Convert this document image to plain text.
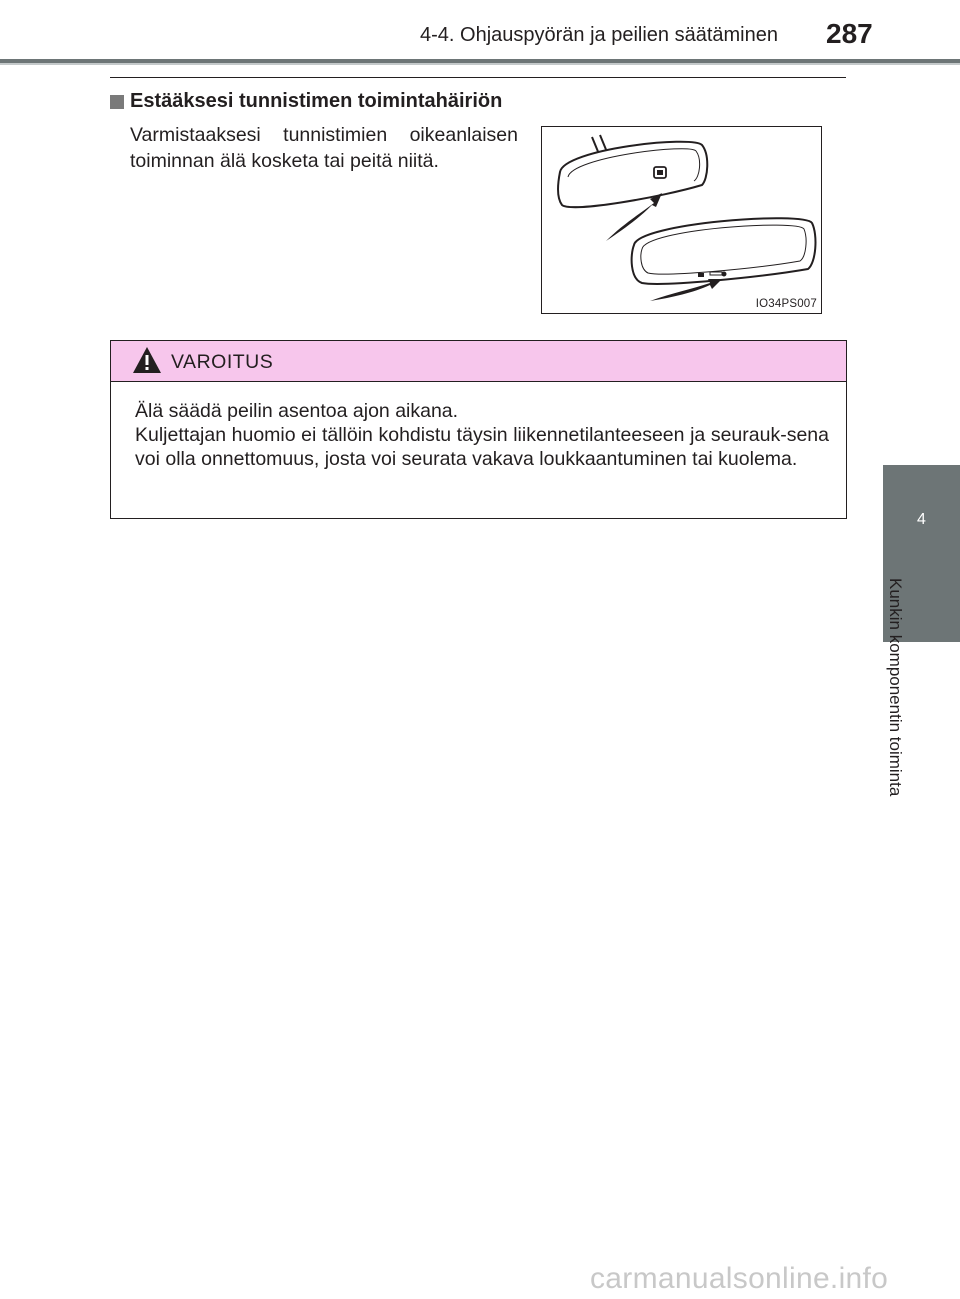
4-4. Ohjauspyörän ja peilien säätäminen 287
Estääksesi tunnistimen toimintahäiriön
Varmistaaksesi tunnistimien oikeanlaisen toiminnan älä kosketa tai peitä niitä.
IO34PS007
VAROITUS

Älä säädä peilin asentoa ajon aikana.

Kuljettajan huomio ei tällöin kohdistu täysin liikennetilanteeseen ja seurauk-sena voi olla onnettomuus, josta voi seurata vakava loukkaantuminen tai kuolema.

4
Kunkin komponentin toiminta
carmanualsonline.info
